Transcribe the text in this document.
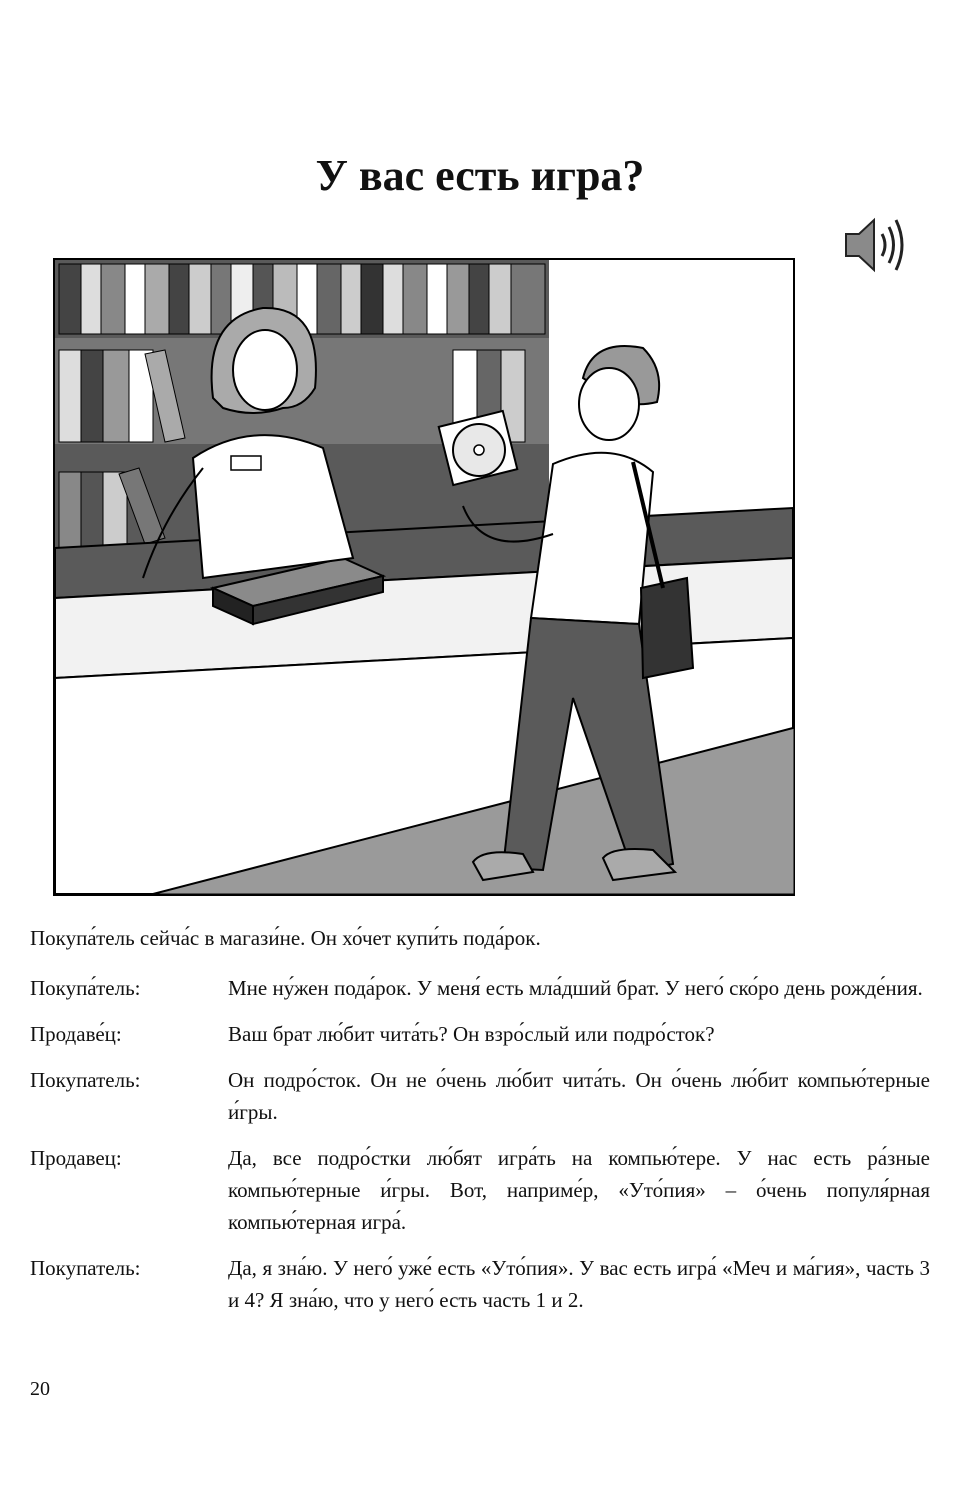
У вас есть игра?

Покупа́тель сейча́с в магази́не. Он хо́чет купи́ть пода́рок.

Покупа́тель:	Мне ну́жен пода́рок. У меня́ есть мла́дший брат. У него́ ско́ро день рожде́ния.
Продаве́ц:	Ваш брат лю́бит чита́ть? Он взро́слый или подро́сток?
Покупатель:	Он подро́сток. Он не о́чень лю́бит чита́ть. Он о́чень лю́бит компью́терные и́гры.
Продавец:	Да, все подро́стки лю́бят игра́ть на компью́тере. У нас есть ра́зные компью́терные и́гры. Вот, наприме́р, «Уто́пия» – о́чень популя́рная компью́терная игра́.
Покупатель:	Да, я зна́ю. У него́ уже́ есть «Уто́пия». У вас есть игра́ «Меч и ма́гия», часть 3 и 4? Я зна́ю, что у него́ есть часть 1 и 2.
20
